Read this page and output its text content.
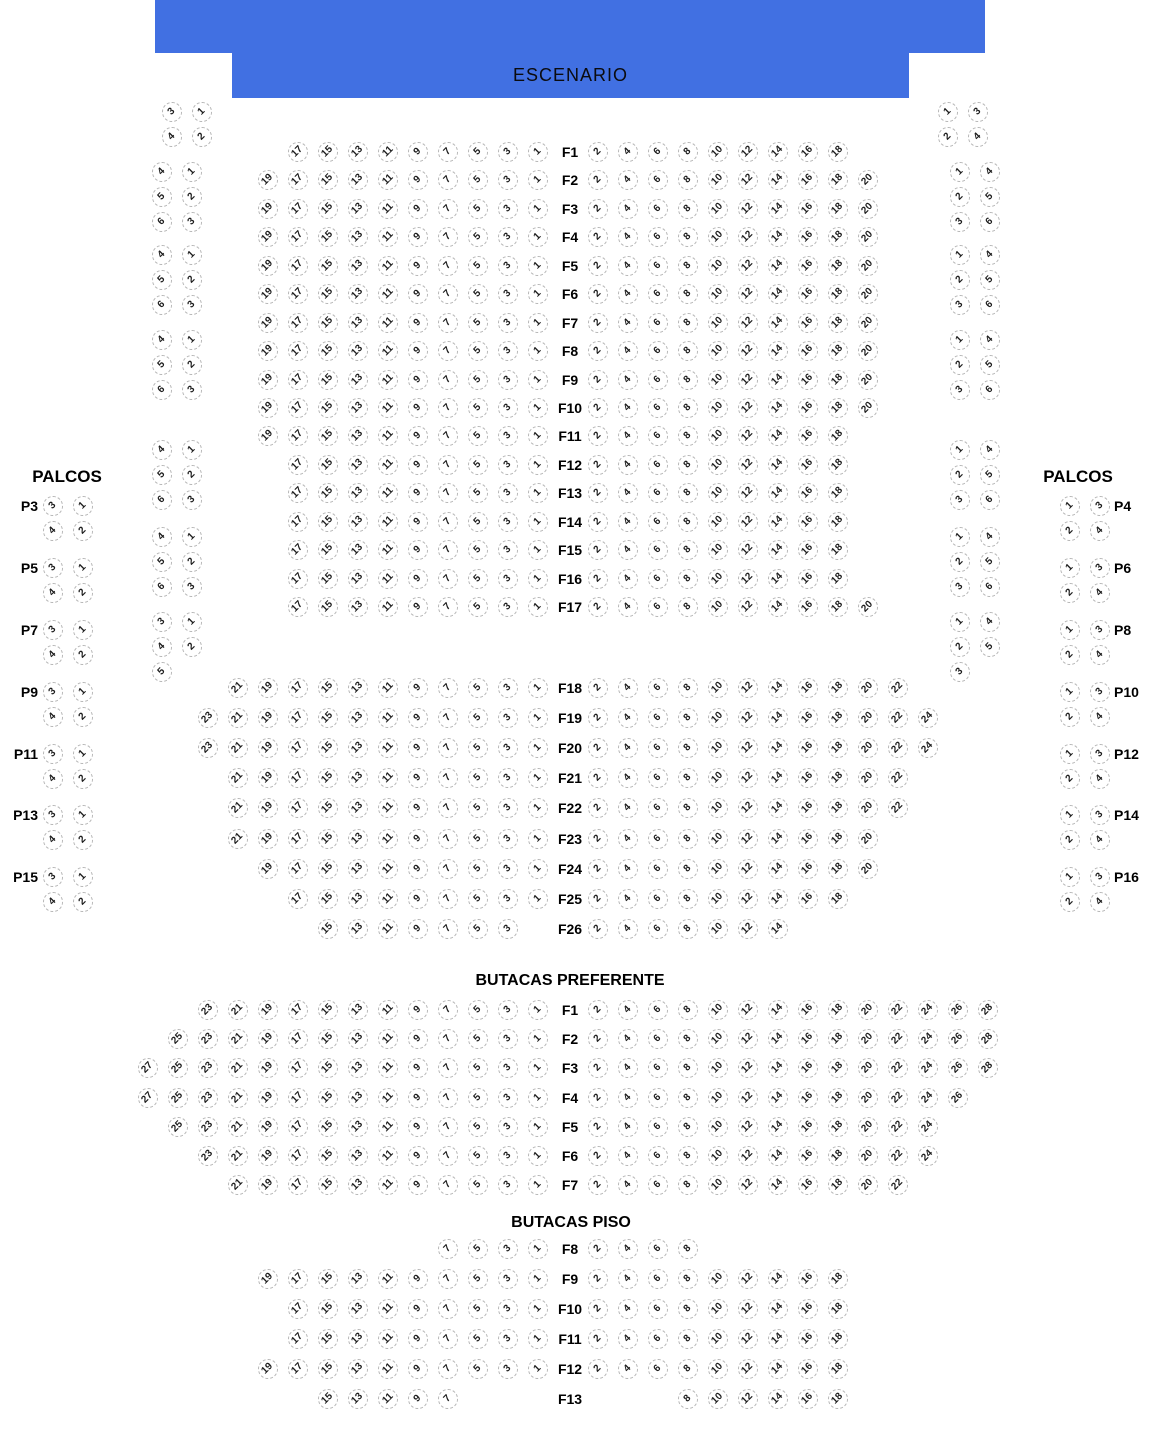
ESCENARIO
PALCOS	PALCOS
BUTACAS PREFERENTE
BUTACAS PISO
F1
17 15 13 11 9 7 5 3 1	2 4 6 8 10 12 14 16 18
F2
19 17 15 13 11 9 7 5 3 1	2 4 6 8 10 12 14 16 18 20
F3
19 17 15 13 11 9 7 5 3 1	2 4 6 8 10 12 14 16 18 20
F4
19 17 15 13 11 9 7 5 3 1	2 4 6 8 10 12 14 16 18 20
F5
19 17 15 13 11 9 7 5 3 1	2 4 6 8 10 12 14 16 18 20
F6
19 17 15 13 11 9 7 5 3 1	2 4 6 8 10 12 14 16 18 20
F7
19 17 15 13 11 9 7 5 3 1	2 4 6 8 10 12 14 16 18 20
F8
19 17 15 13 11 9 7 5 3 1	2 4 6 8 10 12 14 16 18 20
F9
19 17 15 13 11 9 7 5 3 1	2 4 6 8 10 12 14 16 18 20
F10
19 17 15 13 11 9 7 5 3 1	2 4 6 8 10 12 14 16 18 20
F11
19 17 15 13 11 9 7 5 3 1	2 4 6 8 10 12 14 16 18
F12
17 15 13 11 9 7 5 3 1	2 4 6 8 10 12 14 16 18
F13
17 15 13 11 9 7 5 3 1	2 4 6 8 10 12 14 16 18
F14
17 15 13 11 9 7 5 3 1	2 4 6 8 10 12 14 16 18
F15
17 15 13 11 9 7 5 3 1	2 4 6 8 10 12 14 16 18
F16
17 15 13 11 9 7 5 3 1	2 4 6 8 10 12 14 16 18
F17
17 15 13 11 9 7 5 3 1	2 4 6 8 10 12 14 16 18 20
F18
21 19 17 15 13 11 9 7 5 3 1	2 4 6 8 10 12 14 16 18 20 22
F19
23 21 19 17 15 13 11 9 7 5 3 1	2 4 6 8 10 12 14 16 18 20 22 24
F20
23 21 19 17 15 13 11 9 7 5 3 1	2 4 6 8 10 12 14 16 18 20 22 24
F21
21 19 17 15 13 11 9 7 5 3 1	2 4 6 8 10 12 14 16 18 20 22
F22
21 19 17 15 13 11 9 7 5 3 1	2 4 6 8 10 12 14 16 18 20 22
F23
21 19 17 15 13 11 9 7 5 3 1	2 4 6 8 10 12 14 16 18 20
F24
19 17 15 13 11 9 7 5 3 1	2 4 6 8 10 12 14 16 18 20
F25
17 15 13 11 9 7 5 3 1	2 4 6 8 10 12 14 16 18
F26
15 13 11 9 7 5 3	2 4 6 8 10 12 14
F1
23 21 19 17 15 13 11 9 7 5 3 1	2 4 6 8 10 12 14 16 18 20 22 24 26 28
F2
25 23 21 19 17 15 13 11 9 7 5 3 1	2 4 6 8 10 12 14 16 18 20 22 24 26 28
F3
27 25 23 21 19 17 15 13 11 9 7 5 3 1	2 4 6 8 10 12 14 16 18 20 22 24 26 28
F4
27 25 23 21 19 17 15 13 11 9 7 5 3 1	2 4 6 8 10 12 14 16 18 20 22 24 26
F5
25 23 21 19 17 15 13 11 9 7 5 3 1	2 4 6 8 10 12 14 16 18 20 22 24
F6
23 21 19 17 15 13 11 9 7 5 3 1	2 4 6 8 10 12 14 16 18 20 22 24
F7
21 19 17 15 13 11 9 7 5 3 1	2 4 6 8 10 12 14 16 18 20 22
F8
7 5 3 1	2 4 6 8
F9
19 17 15 13 11 9 7 5 3 1	2 4 6 8 10 12 14 16 18
F10
17 15 13 11 9 7 5 3 1	2 4 6 8 10 12 14 16 18
F11
17 15 13 11 9 7 5 3 1	2 4 6 8 10 12 14 16 18
F12
19 17 15 13 11 9 7 5 3 1	2 4 6 8 10 12 14 16 18
F13
15 13 11 9 7	8 10 12 14 16 18
3 1
4 2
4 1
5 2
6 3
4 1
5 2
6 3
4 1
5 2
6 3
4 1
5 2
6 3
4 1
5 2
6 3
3 1
4 2
5
1 3
2 4
1 4
2 5
3 6
1 4
2 5
3 6
1 4
2 5
3 6
1 4
2 5
3 6
1 4
2 5
3 6
1 4
2 5
3
P3 3 1
4 2
P5 3 1
4 2
P7 3 1
4 2
P9 3 1
4 2
P11 3 1
4 2
P13 3 1
4 2
P15 3 1
4 2
P4
1 3
2 4
P6
1 3
2 4
P8
1 3
2 4
P10
1 3
2 4
P12
1 3
2 4
P14
1 3
2 4
P16
1 3
2 4
